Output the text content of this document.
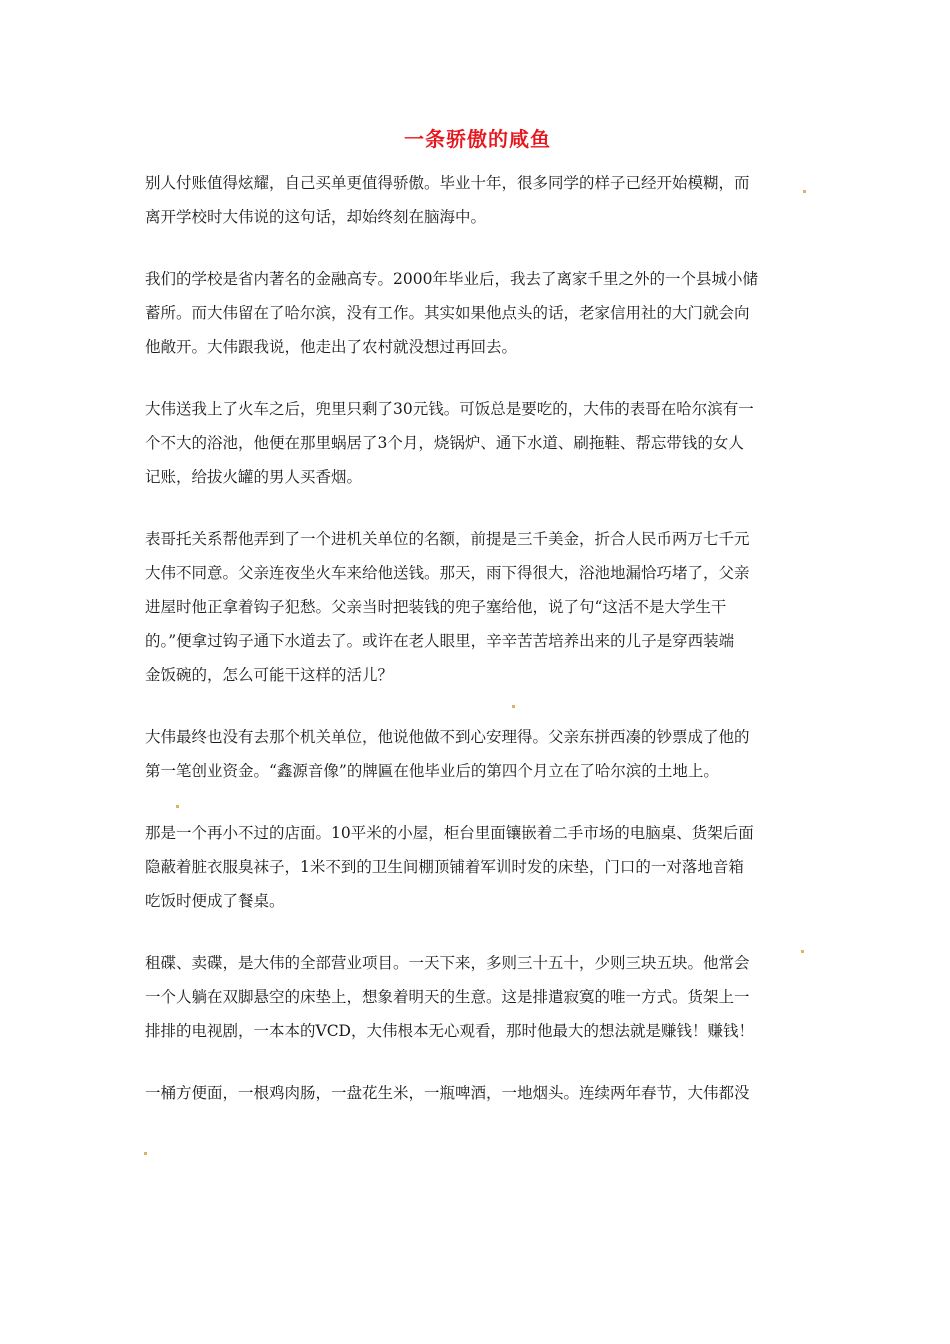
一条骄傲的咸鱼
别人付账值得炫耀，自己买单更值得骄傲。毕业十年，很多同学的样子已经开始模糊，而
离开学校时大伟说的这句话，却始终刻在脑海中。
我们的学校是省内著名的金融高专。2000年毕业后，我去了离家千里之外的一个县城小储
蓄所。而大伟留在了哈尔滨，没有工作。其实如果他点头的话，老家信用社的大门就会向
他敞开。大伟跟我说，他走出了农村就没想过再回去。
大伟送我上了火车之后，兜里只剩了30元钱。可饭总是要吃的，大伟的表哥在哈尔滨有一
个不大的浴池，他便在那里蜗居了3个月，烧锅炉、通下水道、刷拖鞋、帮忘带钱的女人
记账，给拔火罐的男人买香烟。
表哥托关系帮他弄到了一个进机关单位的名额，前提是三千美金，折合人民币两万七千元
大伟不同意。父亲连夜坐火车来给他送钱。那天，雨下得很大，浴池地漏恰巧堵了，父亲
进屋时他正拿着钩子犯愁。父亲当时把装钱的兜子塞给他，说了句“这活不是大学生干
的。”便拿过钩子通下水道去了。或许在老人眼里，辛辛苦苦培养出来的儿子是穿西装端
金饭碗的，怎么可能干这样的活儿？
大伟最终也没有去那个机关单位，他说他做不到心安理得。父亲东拼西凑的钞票成了他的
第一笔创业资金。“鑫源音像”的牌匾在他毕业后的第四个月立在了哈尔滨的土地上。
那是一个再小不过的店面。10平米的小屋，柜台里面镶嵌着二手市场的电脑桌、货架后面
隐蔽着脏衣服臭袜子，1米不到的卫生间棚顶铺着军训时发的床垫，门口的一对落地音箱
吃饭时便成了餐桌。
租碟、卖碟，是大伟的全部营业项目。一天下来，多则三十五十，少则三块五块。他常会
一个人躺在双脚悬空的床垫上，想象着明天的生意。这是排遣寂寞的唯一方式。货架上一
排排的电视剧，一本本的VCD，大伟根本无心观看，那时他最大的想法就是赚钱！赚钱！
一桶方便面，一根鸡肉肠，一盘花生米，一瓶啤酒，一地烟头。连续两年春节，大伟都没
